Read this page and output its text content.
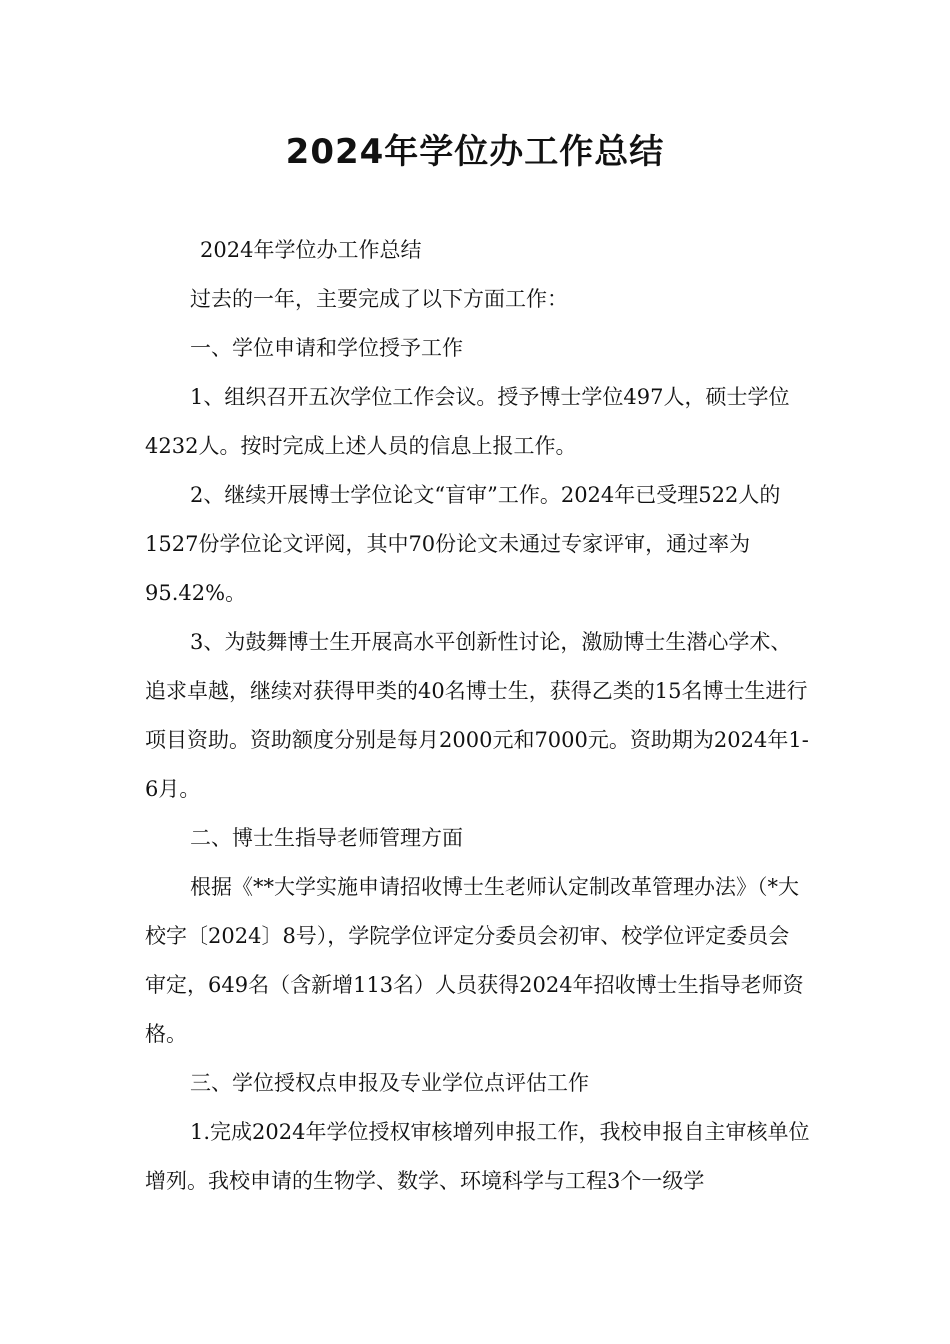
2024年学位办工作总结

2024年学位办工作总结

过去的一年，主要完成了以下方面工作：

一、学位申请和学位授予工作

1、组织召开五次学位工作会议。授予博士学位497人，硕士学位4232人。按时完成上述人员的信息上报工作。

2、继续开展博士学位论文“盲审”工作。2024年已受理522人的1527份学位论文评阅，其中70份论文未通过专家评审，通过率为95.42%。

3、为鼓舞博士生开展高水平创新性讨论，激励博士生潜心学术、追求卓越，继续对获得甲类的40名博士生，获得乙类的15名博士生进行项目资助。资助额度分别是每月2000元和7000元。资助期为2024年1-6月。

二、博士生指导老师管理方面

根据《**大学实施申请招收博士生老师认定制改革管理办法》（*大校字〔2024〕8号），学院学位评定分委员会初审、校学位评定委员会审定，649名（含新增113名）人员获得2024年招收博士生指导老师资格。

三、学位授权点申报及专业学位点评估工作

1.完成2024年学位授权审核增列申报工作，我校申报自主审核单位增列。我校申请的生物学、数学、环境科学与工程3个一级学
